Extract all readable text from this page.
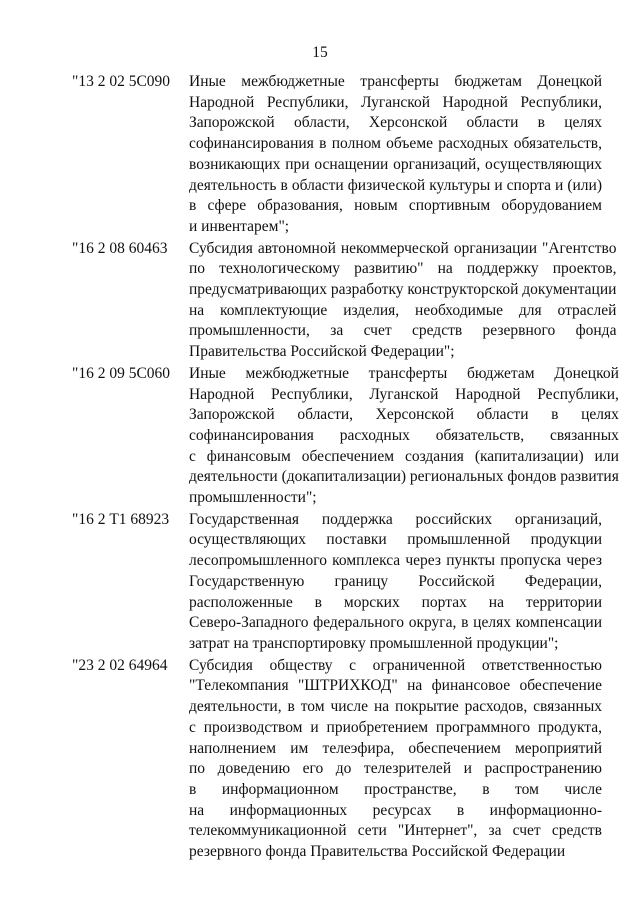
15
"13 2 02 5С090	Иные межбюджетные трансферты бюджетам Донецкой
Народной Республики, Луганской Народной Республики,
Запорожской области, Херсонской области в целях
софинансирования в полном объеме расходных обязательств,
возникающих при оснащении организаций, осуществляющих
деятельность в области физической культуры и спорта и (или)
в сфере образования, новым спортивным оборудованием
и инвентарем";
"16 2 08 60463	Субсидия автономной некоммерческой организации "Агентство
по технологическому развитию" на поддержку проектов,
предусматривающих разработку конструкторской документации
на комплектующие изделия, необходимые для отраслей
промышленности, за счет средств резервного фонда
Правительства Российской Федерации";
"16 2 09 5С060	Иные межбюджетные трансферты бюджетам Донецкой
Народной Республики, Луганской Народной Республики,
Запорожской области, Херсонской области в целях
софинансирования расходных обязательств, связанных
с финансовым обеспечением создания (капитализации) или
деятельности (докапитализации) региональных фондов развития
промышленности";
"16 2 Т1 68923	Государственная поддержка российских организаций,
осуществляющих поставки промышленной продукции
лесопромышленного комплекса через пункты пропуска через
Государственную границу Российской Федерации,
расположенные в морских портах на территории
Северо-Западного федерального округа, в целях компенсации
затрат на транспортировку промышленной продукции";
"23 2 02 64964	Субсидия обществу с ограниченной ответственностью
"Телекомпания "ШТРИХКОД" на финансовое обеспечение
деятельности, в том числе на покрытие расходов, связанных
с производством и приобретением программного продукта,
наполнением им телеэфира, обеспечением мероприятий
по доведению его до телезрителей и распространению
в информационном пространстве, в том числе
на информационных ресурсах в информационно-
телекоммуникационной сети "Интернет", за счет средств
резервного фонда Правительства Российской Федерации
